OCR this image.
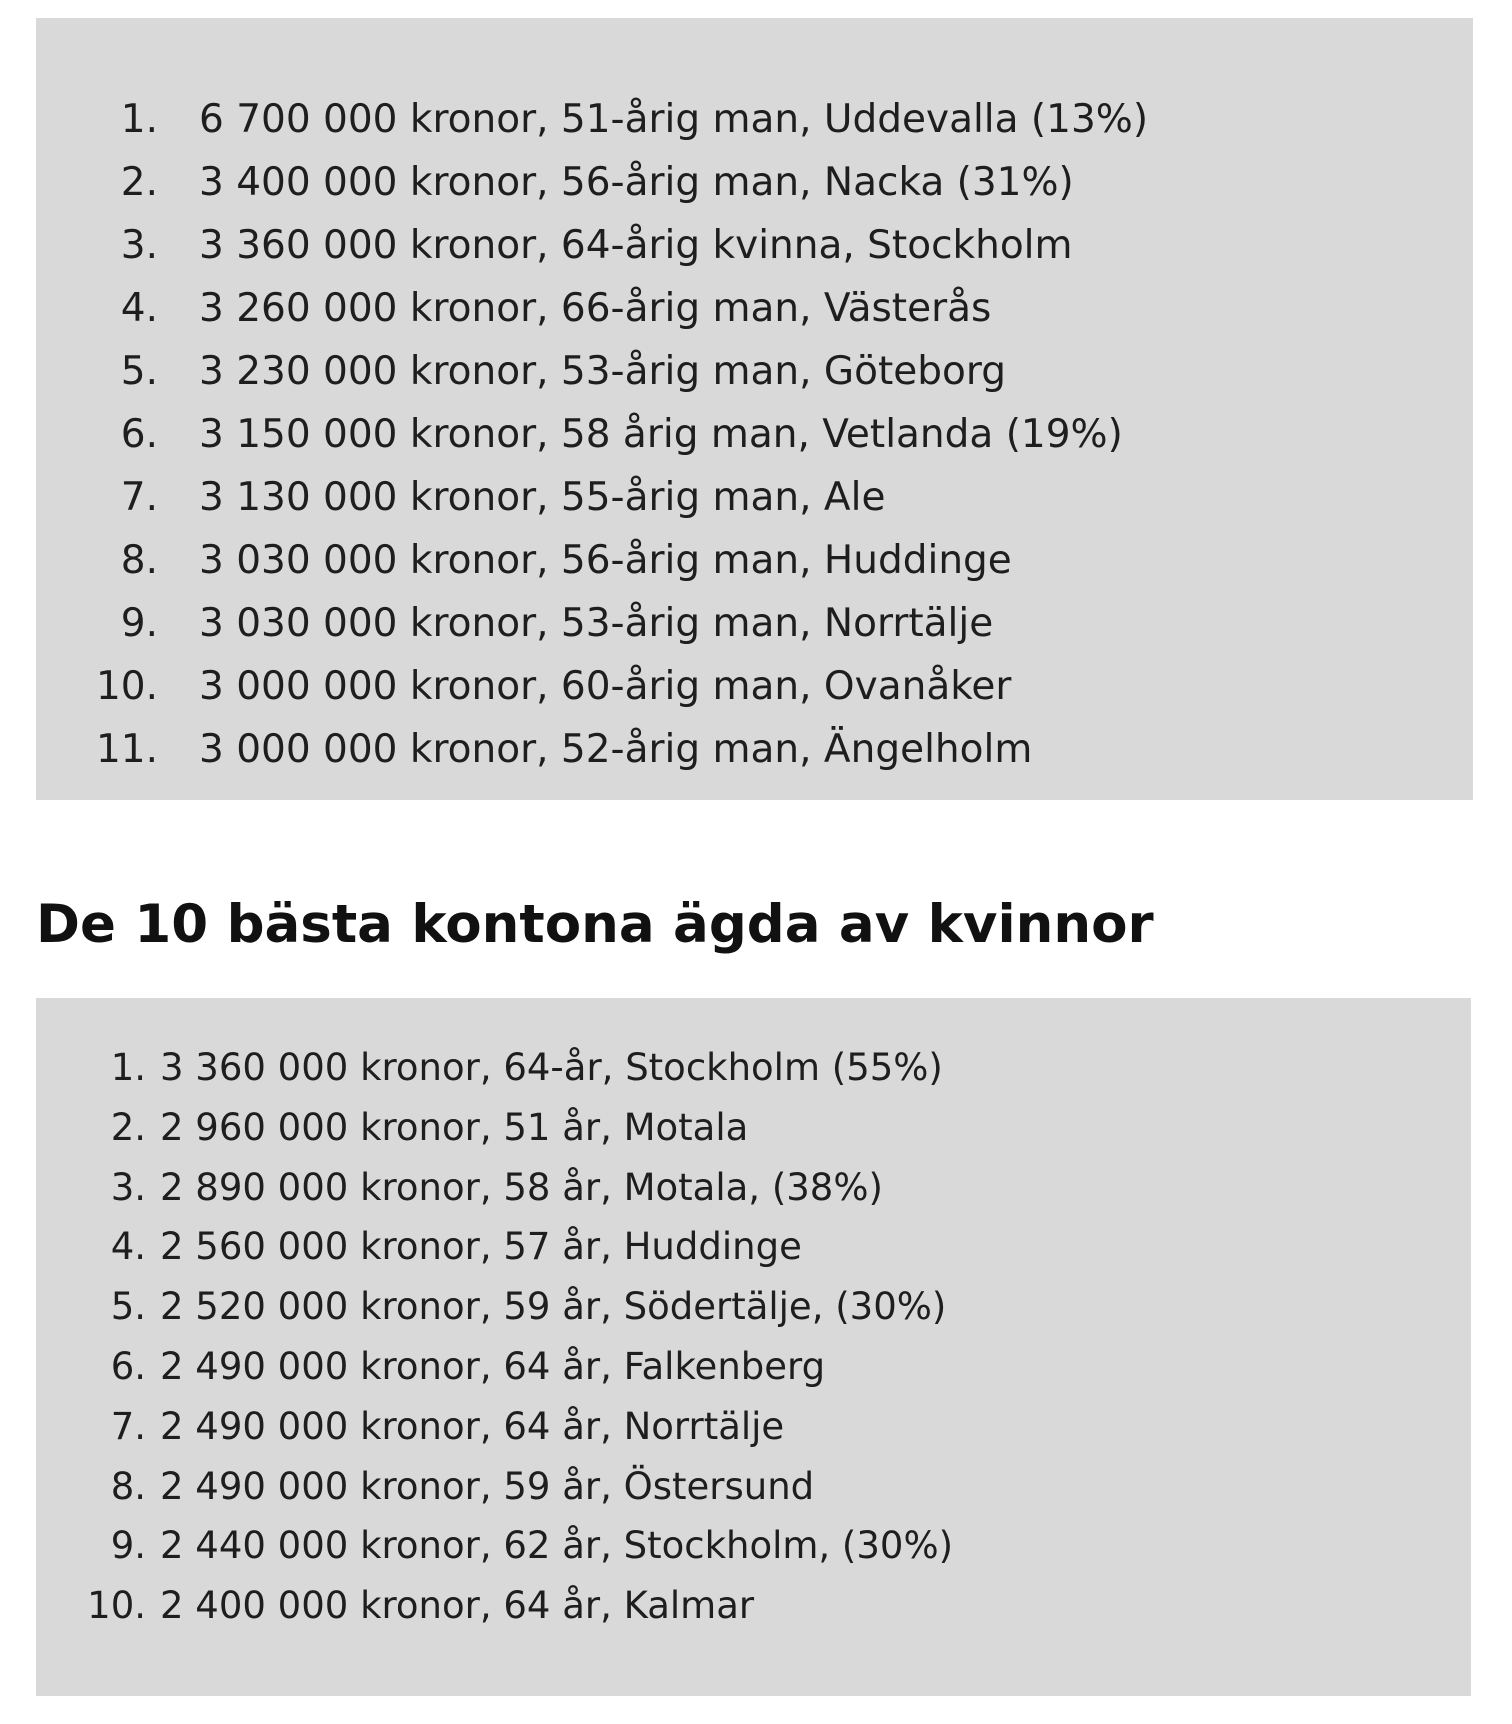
1. 6 700 000 kronor, 51-årig man, Uddevalla (13%)
2. 3 400 000 kronor, 56-årig man, Nacka (31%)
3. 3 360 000 kronor, 64-årig kvinna, Stockholm
4. 3 260 000 kronor, 66-årig man, Västerås
5. 3 230 000 kronor, 53-årig man, Göteborg
6. 3 150 000 kronor, 58 årig man, Vetlanda (19%)
7. 3 130 000 kronor, 55-årig man, Ale
8. 3 030 000 kronor, 56-årig man, Huddinge
9. 3 030 000 kronor, 53-årig man, Norrtälje
10. 3 000 000 kronor, 60-årig man, Ovanåker
11. 3 000 000 kronor, 52-årig man, Ängelholm
De 10 bästa kontona ägda av kvinnor
1. 3 360 000 kronor, 64-år, Stockholm (55%)
2. 2 960 000 kronor, 51 år, Motala
3. 2 890 000 kronor, 58 år, Motala, (38%)
4. 2 560 000 kronor, 57 år, Huddinge
5. 2 520 000 kronor, 59 år, Södertälje, (30%)
6. 2 490 000 kronor, 64 år, Falkenberg
7. 2 490 000 kronor, 64 år, Norrtälje
8. 2 490 000 kronor, 59 år, Östersund
9. 2 440 000 kronor, 62 år, Stockholm, (30%)
10. 2 400 000 kronor, 64 år, Kalmar
